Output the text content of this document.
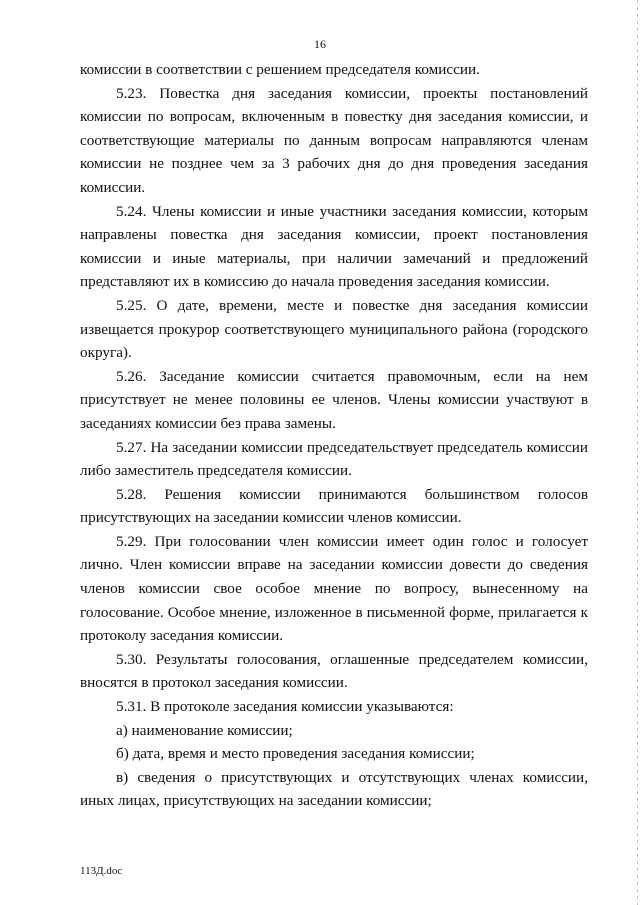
16

комиссии в соответствии с решением председателя комиссии.

5.23. Повестка дня заседания комиссии, проекты постановлений комиссии по вопросам, включенным в повестку дня заседания комиссии, и соответствующие материалы по данным вопросам направляются членам комиссии не позднее чем за 3 рабочих дня до дня проведения заседания комиссии.

5.24. Члены комиссии и иные участники заседания комиссии, которым направлены повестка дня заседания комиссии, проект постановления комиссии и иные материалы, при наличии замечаний и предложений представляют их в комиссию до начала проведения заседания комиссии.

5.25. О дате, времени, месте и повестке дня заседания комиссии извещается прокурор соответствующего муниципального района (городского округа).

5.26. Заседание комиссии считается правомочным, если на нем присутствует не менее половины ее членов. Члены комиссии участвуют в заседаниях комиссии без права замены.

5.27. На заседании комиссии председательствует председатель комиссии либо заместитель председателя комиссии.

5.28. Решения комиссии принимаются большинством голосов присутствующих на заседании комиссии членов комиссии.

5.29. При голосовании член комиссии имеет один голос и голосует лично. Член комиссии вправе на заседании комиссии довести до сведения членов комиссии свое особое мнение по вопросу, вынесенному на голосование. Особое мнение, изложенное в письменной форме, прилагается к протоколу заседания комиссии.

5.30. Результаты голосования, оглашенные председателем комиссии, вносятся в протокол заседания комиссии.

5.31. В протоколе заседания комиссии указываются:

а) наименование комиссии;

б) дата, время и место проведения заседания комиссии;

в) сведения о присутствующих и отсутствующих членах комиссии, иных лицах, присутствующих на заседании комиссии;

113Д.doc
